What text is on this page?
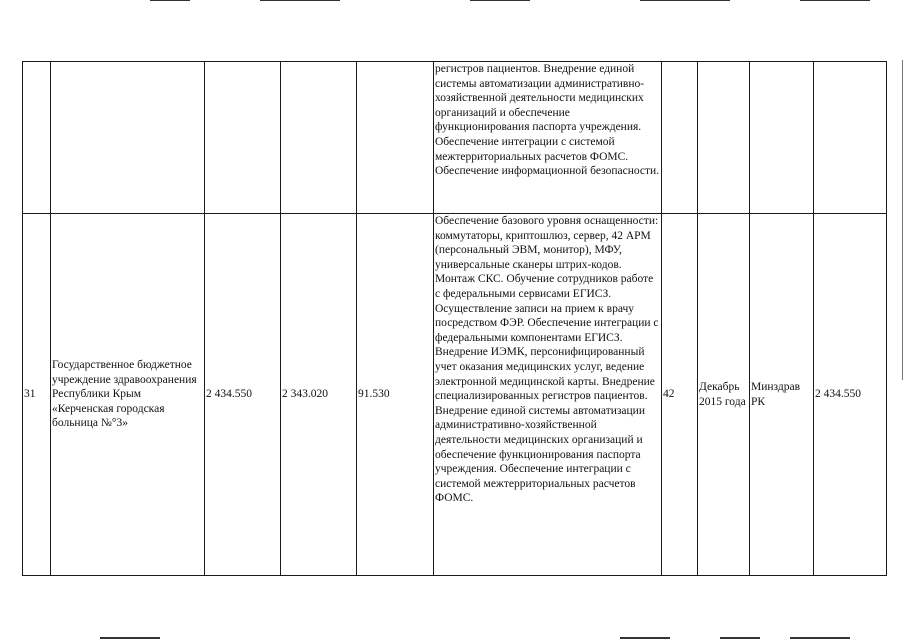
					регистров пациентов. Внедрение единой системы автоматизации административно-хозяйственной деятельности медицинских организаций и обеспечение функционирования паспорта учреждения. Обеспечение интеграции с системой межтерриториальных расчетов ФОМС. Обеспечение информационной безопасности.				
31	Государственное бюджетное учреждение здравоохранения Республики Крым «Керченская городская больница №°3»	2 434.550	2 343.020	91.530	Обеспечение базового уровня оснащенности: коммутаторы, криптошлюз, сервер, 42 АРМ (персональный ЭВМ, монитор), МФУ, универсальные сканеры штрих-кодов. Монтаж СКС. Обучение сотрудников работе с федеральными сервисами ЕГИСЗ. Осуществление записи на прием к врачу посредством ФЭР. Обеспечение интеграции с федеральными компонентами ЕГИСЗ. Внедрение ИЭМК, персонифицированный учет оказания медицинских услуг, ведение электронной медицинской карты. Внедрение специализированных регистров пациентов. Внедрение единой системы автоматизации административно-хозяйственной деятельности медицинских организаций и обеспечение функционирования паспорта учреждения. Обеспечение интеграции с системой межтерриториальных расчетов ФОМС.	42	Декабрь 2015 года	Минздрав РК	2 434.550
